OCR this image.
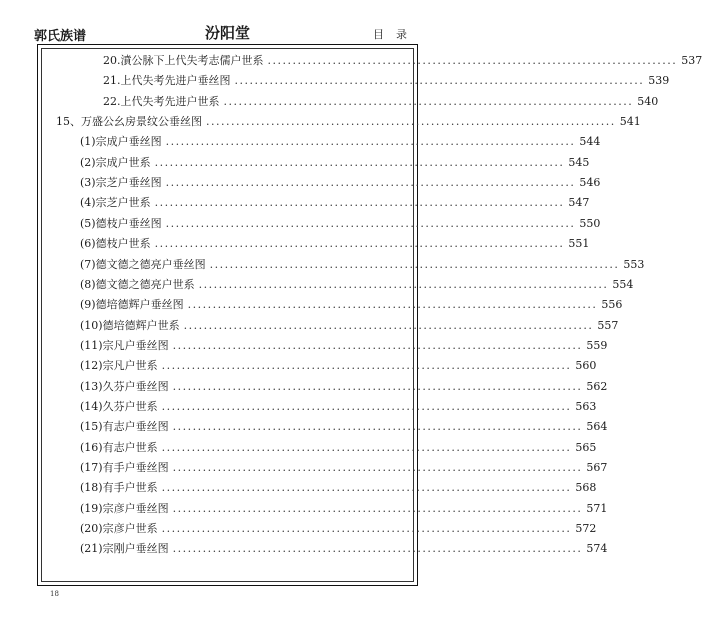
郭氏族谱	汾阳堂	目录
20.濆公脉下上代失考志儒户世系 .................................................................................. 537
21.上代失考先进户垂丝图 .................................................................................. 539
22.上代失考先进户世系 .................................................................................. 540
15、万盛公幺房景纹公垂丝图 .................................................................................. 541
(1)宗成户垂丝图 .................................................................................. 544
(2)宗成户世系 .................................................................................. 545
(3)宗芝户垂丝图 .................................................................................. 546
(4)宗芝户世系 .................................................................................. 547
(5)德枝户垂丝图 .................................................................................. 550
(6)德枝户世系 .................................................................................. 551
(7)德文德之德亮户垂丝图 .................................................................................. 553
(8)德文德之德亮户世系 .................................................................................. 554
(9)德培德辉户垂丝图 .................................................................................. 556
(10)德培德辉户世系 .................................................................................. 557
(11)宗凡户垂丝图 .................................................................................. 559
(12)宗凡户世系 .................................................................................. 560
(13)久芬户垂丝图 .................................................................................. 562
(14)久芬户世系 .................................................................................. 563
(15)有志户垂丝图 .................................................................................. 564
(16)有志户世系 .................................................................................. 565
(17)有手户垂丝图 .................................................................................. 567
(18)有手户世系 .................................................................................. 568
(19)宗彦户垂丝图 .................................................................................. 571
(20)宗彦户世系 .................................................................................. 572
(21)宗刚户垂丝图 .................................................................................. 574
18
